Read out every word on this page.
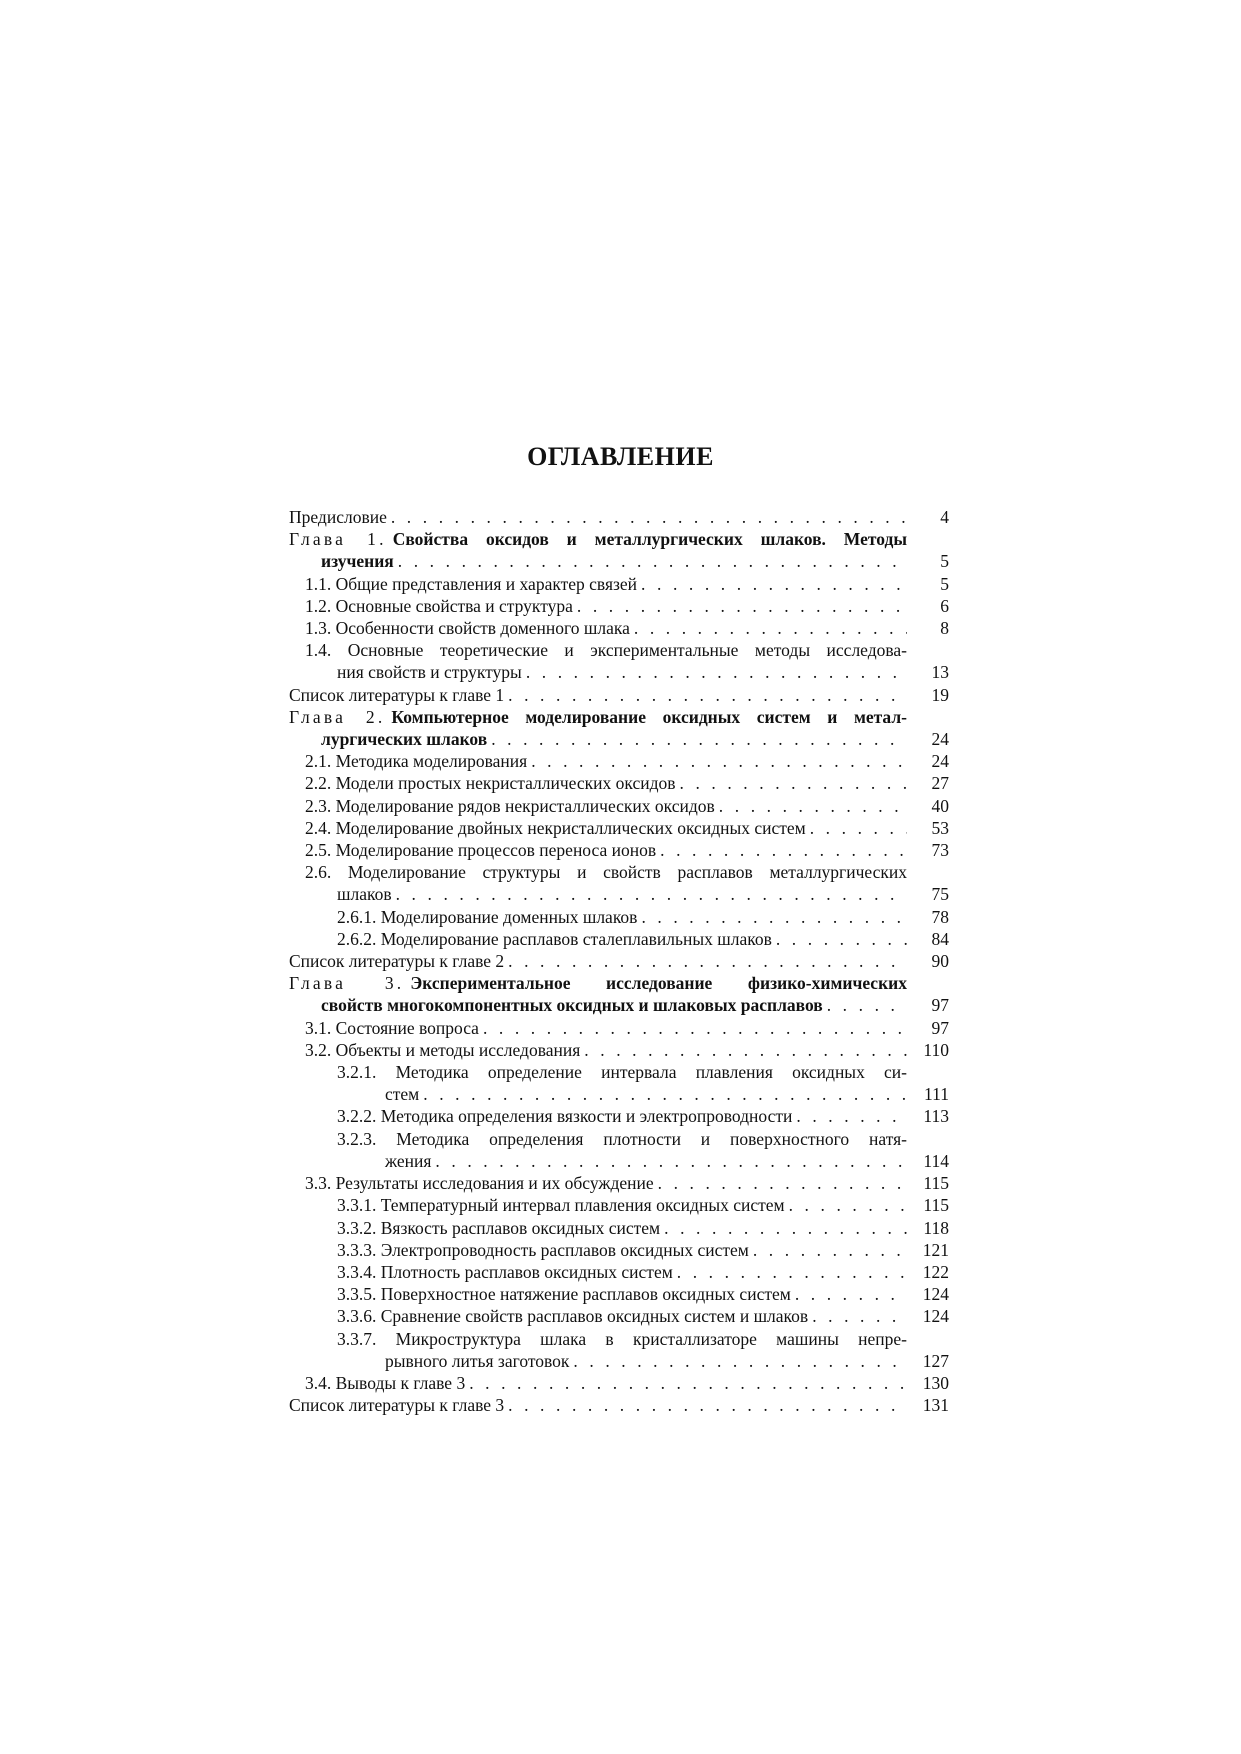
ОГЛАВЛЕНИЕ
Предисловие . . .	4
Глава 1. Свойства оксидов и металлургических шлаков. Методы
изучения . . .	5
1.1. Общие представления и характер связей . . .	5
1.2. Основные свойства и структура . . .	6
1.3. Особенности свойств доменного шлака . . .	8
1.4. Основные теоретические и экспериментальные методы исследова-
ния свойств и структуры . . .	13
Список литературы к главе 1 . . .	19
Глава 2. Компьютерное моделирование оксидных систем и метал-
лургических шлаков . . .	24
2.1. Методика моделирования . . .	24
2.2. Модели простых некристаллических оксидов . . .	27
2.3. Моделирование рядов некристаллических оксидов . . .	40
2.4. Моделирование двойных некристаллических оксидных систем . . .	53
2.5. Моделирование процессов переноса ионов . . .	73
2.6. Моделирование структуры и свойств расплавов металлургических
шлаков . . .	75
2.6.1. Моделирование доменных шлаков . . .	78
2.6.2. Моделирование расплавов сталеплавильных шлаков . . .	84
Список литературы к главе 2 . . .	90
Глава 3. Экспериментальное исследование физико-химических
свойств многокомпонентных оксидных и шлаковых расплавов . . .	97
3.1. Состояние вопроса . . .	97
3.2. Объекты и методы исследования . . .	110
3.2.1. Методика определение интервала плавления оксидных си-
стем . . .	111
3.2.2. Методика определения вязкости и электропроводности . . .	113
3.2.3. Методика определения плотности и поверхностного натя-
жения . . .	114
3.3. Результаты исследования и их обсуждение . . .	115
3.3.1. Температурный интервал плавления оксидных систем . . .	115
3.3.2. Вязкость расплавов оксидных систем . . .	118
3.3.3. Электропроводность расплавов оксидных систем . . .	121
3.3.4. Плотность расплавов оксидных систем . . .	122
3.3.5. Поверхностное натяжение расплавов оксидных систем . . .	124
3.3.6. Сравнение свойств расплавов оксидных систем и шлаков . . .	124
3.3.7. Микроструктура шлака в кристаллизаторе машины непре-
рывного литья заготовок . . .	127
3.4. Выводы к главе 3 . . .	130
Список литературы к главе 3 . . .	131
